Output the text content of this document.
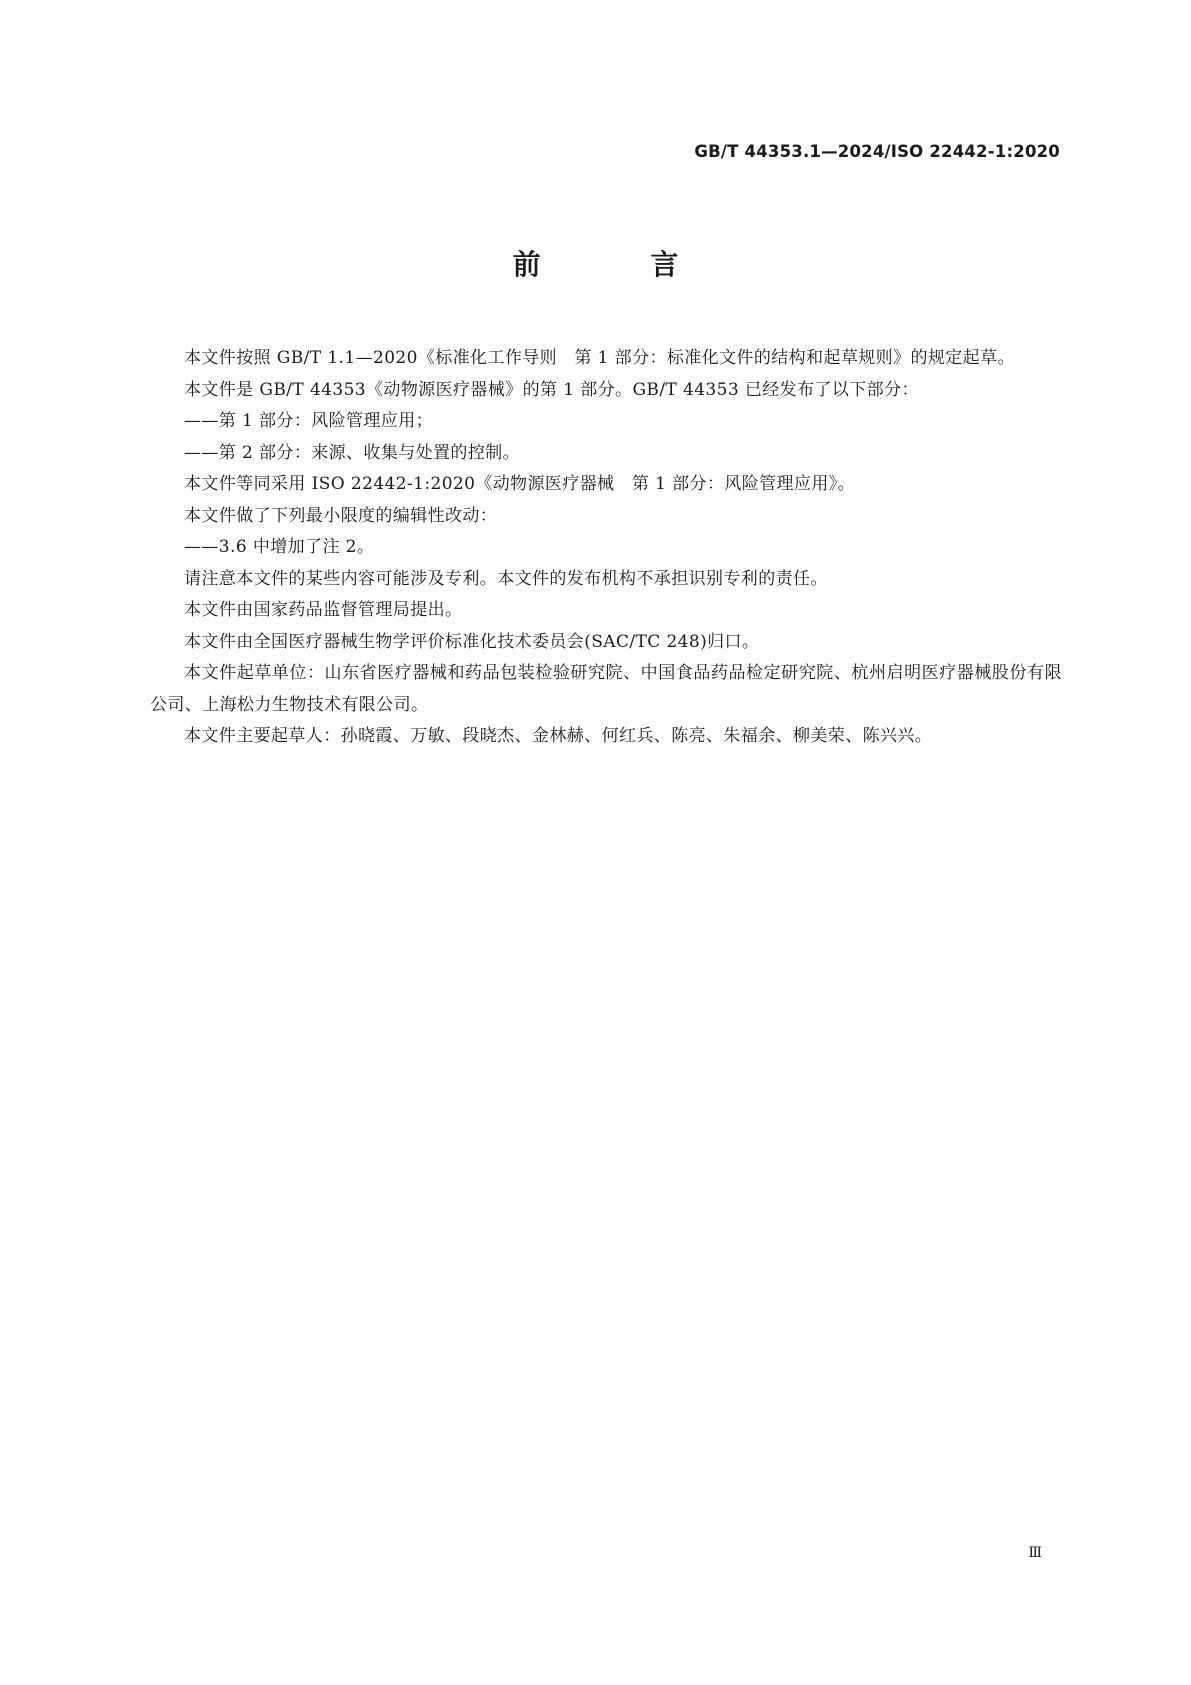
GB/T 44353.1—2024/ISO 22442-1:2020
前 言

本文件按照 GB/T 1.1—2020《标准化工作导则　第 1 部分：标准化文件的结构和起草规则》的规定起草。

本文件是 GB/T 44353《动物源医疗器械》的第 1 部分。GB/T 44353 已经发布了以下部分：

——第 1 部分：风险管理应用；

——第 2 部分：来源、收集与处置的控制。

本文件等同采用 ISO 22442-1:2020《动物源医疗器械　第 1 部分：风险管理应用》。

本文件做了下列最小限度的编辑性改动：

——3.6 中增加了注 2。

请注意本文件的某些内容可能涉及专利。本文件的发布机构不承担识别专利的责任。

本文件由国家药品监督管理局提出。

本文件由全国医疗器械生物学评价标准化技术委员会(SAC/TC 248)归口。

本文件起草单位：山东省医疗器械和药品包装检验研究院、中国食品药品检定研究院、杭州启明医疗器械股份有限公司、上海松力生物技术有限公司。

本文件主要起草人：孙晓霞、万敏、段晓杰、金林赫、何红兵、陈亮、朱福余、柳美荣、陈兴兴。

Ⅲ
